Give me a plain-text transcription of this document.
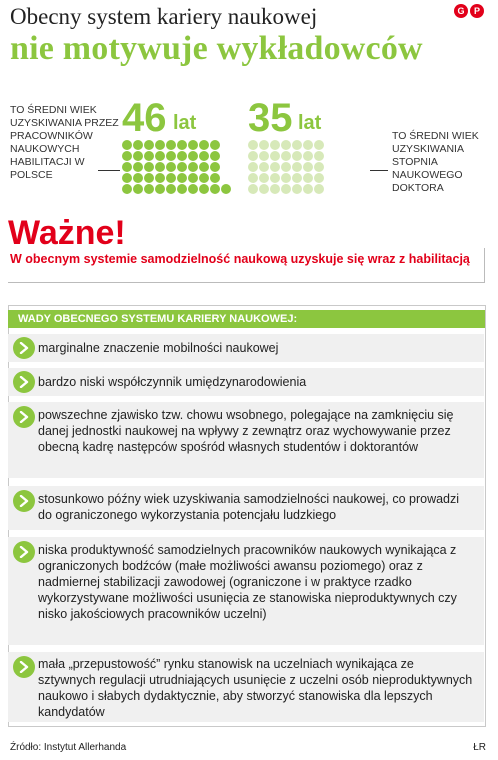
Obecny system kariery naukowej
nie motywuje wykładowców
G	P
TO ŚREDNI WIEK UZYSKIWANIA PRZEZ PRACOWNIKÓW NAUKOWYCH HABILITACJI W POLSCE
46 lat 35 lat
TO ŚREDNI WIEK UZYSKIWANIA STOPNIA NAUKOWEGO DOKTORA
Ważne!
W obecnym systemie samodzielność naukową uzyskuje się wraz z habilitacją
WADY OBECNEGO SYSTEMU KARIERY NAUKOWEJ:
marginalne znaczenie mobilności naukowej
bardzo niski współczynnik umiędzynarodowienia
powszechne zjawisko tzw. chowu wsobnego, polegające na zamknięciu się danej jednostki naukowej na wpływy z zewnątrz oraz wychowywanie przez obecną kadrę następców spośród własnych studentów i doktorantów
stosunkowo późny wiek uzyskiwania samodzielności naukowej, co prowadzi do ograniczonego wykorzystania potencjału ludzkiego
niska produktywność samodzielnych pracowników naukowych wynikająca z ograniczonych bodźców (małe możliwości awansu poziomego) oraz z nadmiernej stabilizacji zawodowej (ograniczone i w praktyce rzadko wykorzystywane możliwości usunięcia ze stanowiska nieproduktywnych czy nisko jakościowych pracowników uczelni)
mała „przepustowość” rynku stanowisk na uczelniach wynikająca ze sztywnych regulacji utrudniających usunięcie z uczelni osób nieproduktywnych naukowo i słabych dydaktycznie, aby stworzyć stanowiska dla lepszych kandydatów
Źródło: Instytut Allerhanda	ŁR
